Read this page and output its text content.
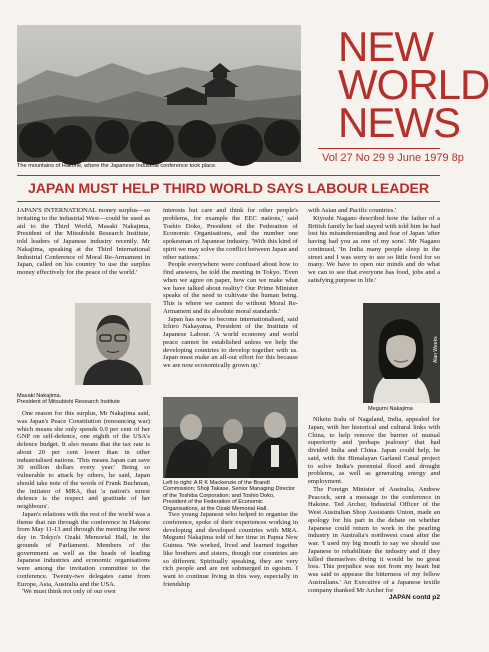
The mountains of Hakone, where the Japanese Industrial conference took place.
NEW
WORLD
NEWS
Vol 27 No 29 9 June 1979 8p
JAPAN MUST HELP THIRD WORLD SAYS LABOUR LEADER

JAPAN'S INTERNATIONAL money surplus—so irritating to the industrial West—could be used as aid to the Third World, Masaki Nakajima, President of the Mitsubishi Research Institute, told leaders of Japanese industry recently. Mr Nakajima, speaking at the Third International Industrial Conference of Moral Re-Armament in Japan, called on his country 'to use the surplus money effectively for the peace of the world.'

Masaki Nakajima,
President of Mitsubishi Research Institute

One reason for this surplus, Mr Nakajima said, was Japan's Peace Constitution (renouncing war) which means she only spends 0.9 per cent of her GNP on self-defence, one eighth of the USA's defence budget. It also means that the tax rate is about 20 per cent lower than in other industrialised nations. 'This means Japan can save 30 million dollars every year.' Being so vulnerable to attack by others, he said, Japan should take note of the words of Frank Buchman, the initiator of MRA, that 'a nation's surest defence is the respect and gratitude of her neighbours'.

Japan's relations with the rest of the world was a theme that ran through the conference in Hakone from May 11-13 and through the meeting the next day in Tokyo's Ozaki Memorial Hall, in the grounds of Parliament. Members of the government as well as the heads of leading Japanese industries and economic organisations were among the invitation committee to the conference. Twenty-two delegates came from Europe, Asia, Australia and the USA.

'We must think not only of our own

interests but care and think for other people's problems, for example the EEC nations,' said Toshio Doko, President of the Federation of Economic Organisations, and the number one spokesman of Japanese industry. 'With this kind of spirit we may solve the conflict between Japan and other nations.'

People everywhere were confused about how to find answers, he told the meeting in Tokyo. 'Even when we agree on paper, how can we make what we have talked about reality? Our Prime Minister speaks of the need to cultivate the human being. This is where we cannot do without Moral Re-Armament and its absolute moral standards.'

Japan has now to become internationalised, said Ichiro Nakayama, President of the Institute of Japanese Labour. 'A world economy and world peace cannot be established unless we help the developing countries to develop together with us. Japan must make an all-out effort for this because we are now economically grown up.'

Left to right: A R K Mackenzie of the Brandt Commission; Shoji Takase, Senior Managing Director of the Toshiba Corporation; and Toshio Doko, President of the Federation of Economic Organisations, at the Ozaki Memorial Hall.

Two young Japanese who helped to organise the conference, spoke of their experiences working in developing and developed countries with MRA. Megumi Nakajima told of her time in Papua New Guinea. 'We worked, lived and learned together like brothers and sisters, though our countries are so different. Spiritually speaking, they are very rich people and are not submerged in egoism. I want to continue living in this way, especially in friendship

with Asian and Pacific countries.'

Kiyoshi Nagano described how the father of a British family he had stayed with told him he had lost his misunderstanding and fear of Japan 'after having had you as one of my sons'. Mr Nagano continued, 'In India many people sleep in the street and I was sorry to see so little food for so many. We have to open our minds and do what we can to see that everyone has food, jobs and a satisfying purpose in life.'

Alan Weeks
Megumi Nakajima

Niketu Iralu of Nagaland, India, appealed for Japan, with her historical and cultural links with China, to help remove the barrier of mutual superiority and 'perhaps jealousy' that had divided India and China. Japan could help, he said, with the Himalayan Garland Canal project to solve India's perennial flood and drought problems, as well as generating energy and employment.

The Foreign Minister of Australia, Andrew Peacock, sent a message to the conference in Hakone. Ted Archer, Industrial Officer of the West Australian Shop Assistants Union, made an apology for his part in the debate on whether Japanese could return to work in the pearling industry in Australia's northwest coast after the war. 'I used my big mouth to say we should use Japanese to rehabilitate the industry and if they killed themselves diving it would be no great loss. This prejudice was not from my heart but was said to appease the bitterness of my fellow Australians.' An Executive of a Japanese textile company thanked Mr Archer for

JAPAN contd p2
